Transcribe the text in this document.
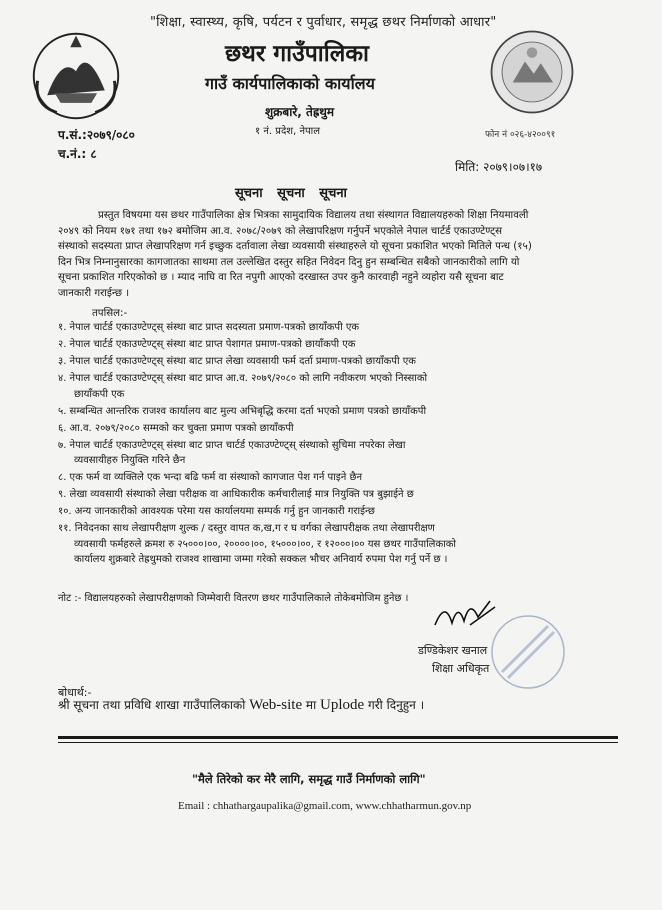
"शिक्षा, स्वास्थ्य, कृषि, पर्यटन र पुर्वाधार, समृद्ध छथर निर्माणको आधार"
छथर गाउँपालिका
गाउँ कार्यपालिकाको कार्यालय
शुक्रबारे, तेह्रथुम
१ नं. प्रदेश, नेपाल	फोन नं ०२६-४२००९१
प.सं.:२०७९/०८०
च.नं.: ८
मिति: २०७९।०७।१७
सूचना सूचना सूचना
प्रस्तुत विषयमा यस छथर गाउँपालिका क्षेत्र भित्रका सामुदायिक विद्यालय तथा संस्थागत विद्यालयहरुको शिक्षा नियमावली
२०४९ को नियम १७१ तथा १७२ बमोजिम आ.व. २०७८/२०७९ को लेखापरिक्षण गर्नुपर्ने भएकोले नेपाल चार्टर्ड एकाउण्टेण्ट्स
संस्थाको सदस्यता प्राप्त लेखापरिक्षण गर्न इच्छुक दर्तावाला लेखा व्यवसायी संस्थाहरुले यो सूचना प्रकाशित भएको मितिले पन्ध (१५)
दिन भित्र निम्नानुसारका कागजातका साथमा तल उल्लेखित दस्तुर सहित निवेदन दिनु हुन सम्बन्धित सबैको जानकारीको लागि यो
सूचना प्रकाशित गरिएकोको छ । म्याद नाघि वा रित नपुगी आएको दरखास्त उपर कुनै कारवाही नहुने व्यहोरा यसै सूचना बाट
जानकारी गराईन्छ ।
तपसिल:-
१. नेपाल चार्टर्ड एकाउण्टेण्ट्स् संस्था बाट प्राप्त सदस्यता प्रमाण-पत्रको छायाँकपी एक
२. नेपाल चार्टर्ड एकाउण्टेण्ट्स् संस्था बाट प्राप्त पेशागत प्रमाण-पत्रको छायाँकपी एक
३. नेपाल चार्टर्ड एकाउण्टेण्ट्स् संस्था बाट प्राप्त लेखा व्यवसायी फर्म दर्ता प्रमाण-पत्रको छायाँकपी एक
४. नेपाल चार्टर्ड एकाउण्टेण्ट्स् संस्था बाट प्राप्त आ.व. २०७९/२०८० को लागि नवीकरण भएको निस्साको
छायाँकपी एक
५. सम्बन्धित आन्तरिक राजश्व कार्यालय बाट मुल्य अभिबृद्धि करमा दर्ता भएको प्रमाण पत्रको छायाँकपी
६. आ.व. २०७९/२०८० सम्मको कर चुक्ता प्रमाण पत्रको छायाँकपी
७. नेपाल चार्टर्ड एकाउण्टेण्ट्स् संस्था बाट प्राप्त चार्टर्ड एकाउण्टेण्ट्स् संस्थाको सुचिमा नपरेका लेखा
व्यवसायीहरु नियुक्ति गरिने छैन
८. एक फर्म वा व्यक्तिले एक भन्दा बढि फर्म वा संस्थाको कागजात पेश गर्न पाइने छैन
९. लेखा व्यवसायी संस्थाको लेखा परीक्षक वा आधिकारीक कर्मचारीलाई मात्र नियुक्ति पत्र बुझाईने छ
१०. अन्य जानकारीको आवश्यक परेमा यस कार्यालयमा सम्पर्क गर्नु हुन जानकारी गराईन्छ
११. निवेदनका साथ लेखापरीक्षण शुल्क / दस्तुर वापत क,ख,ग र घ वर्गका लेखापरीक्षक तथा लेखापरीक्षण
व्यवसायी फर्महरुले क्रमश रु २५०००।००, २००००।००, १५०००।००, र १२०००।०० यस छथर गाउँपालिकाको
कार्यालय शुक्रबारे तेह्रथुमको राजश्व शाखामा जम्मा गरेको सक्कल भौचर अनिवार्य रुपमा पेश गर्नु पर्ने छ ।
नोट :- विद्यालयहरुको लेखापरीक्षणको जिम्मेवारी वितरण छथर गाउँपालिकाले तोकेबमोजिम हुनेछ ।
डण्डिकेशर खनाल
शिक्षा अधिकृत
बोधार्थ:-
श्री सूचना तथा प्रविधि शाखा गाउँपालिकाको Web-site मा Uplode गरी दिनुहुन ।
"मैले तिरेको कर मेरै लागि, समृद्ध गाउँ निर्माणको लागि"
Email : chhathargaupalika@gmail.com, www.chhatharmun.gov.np
